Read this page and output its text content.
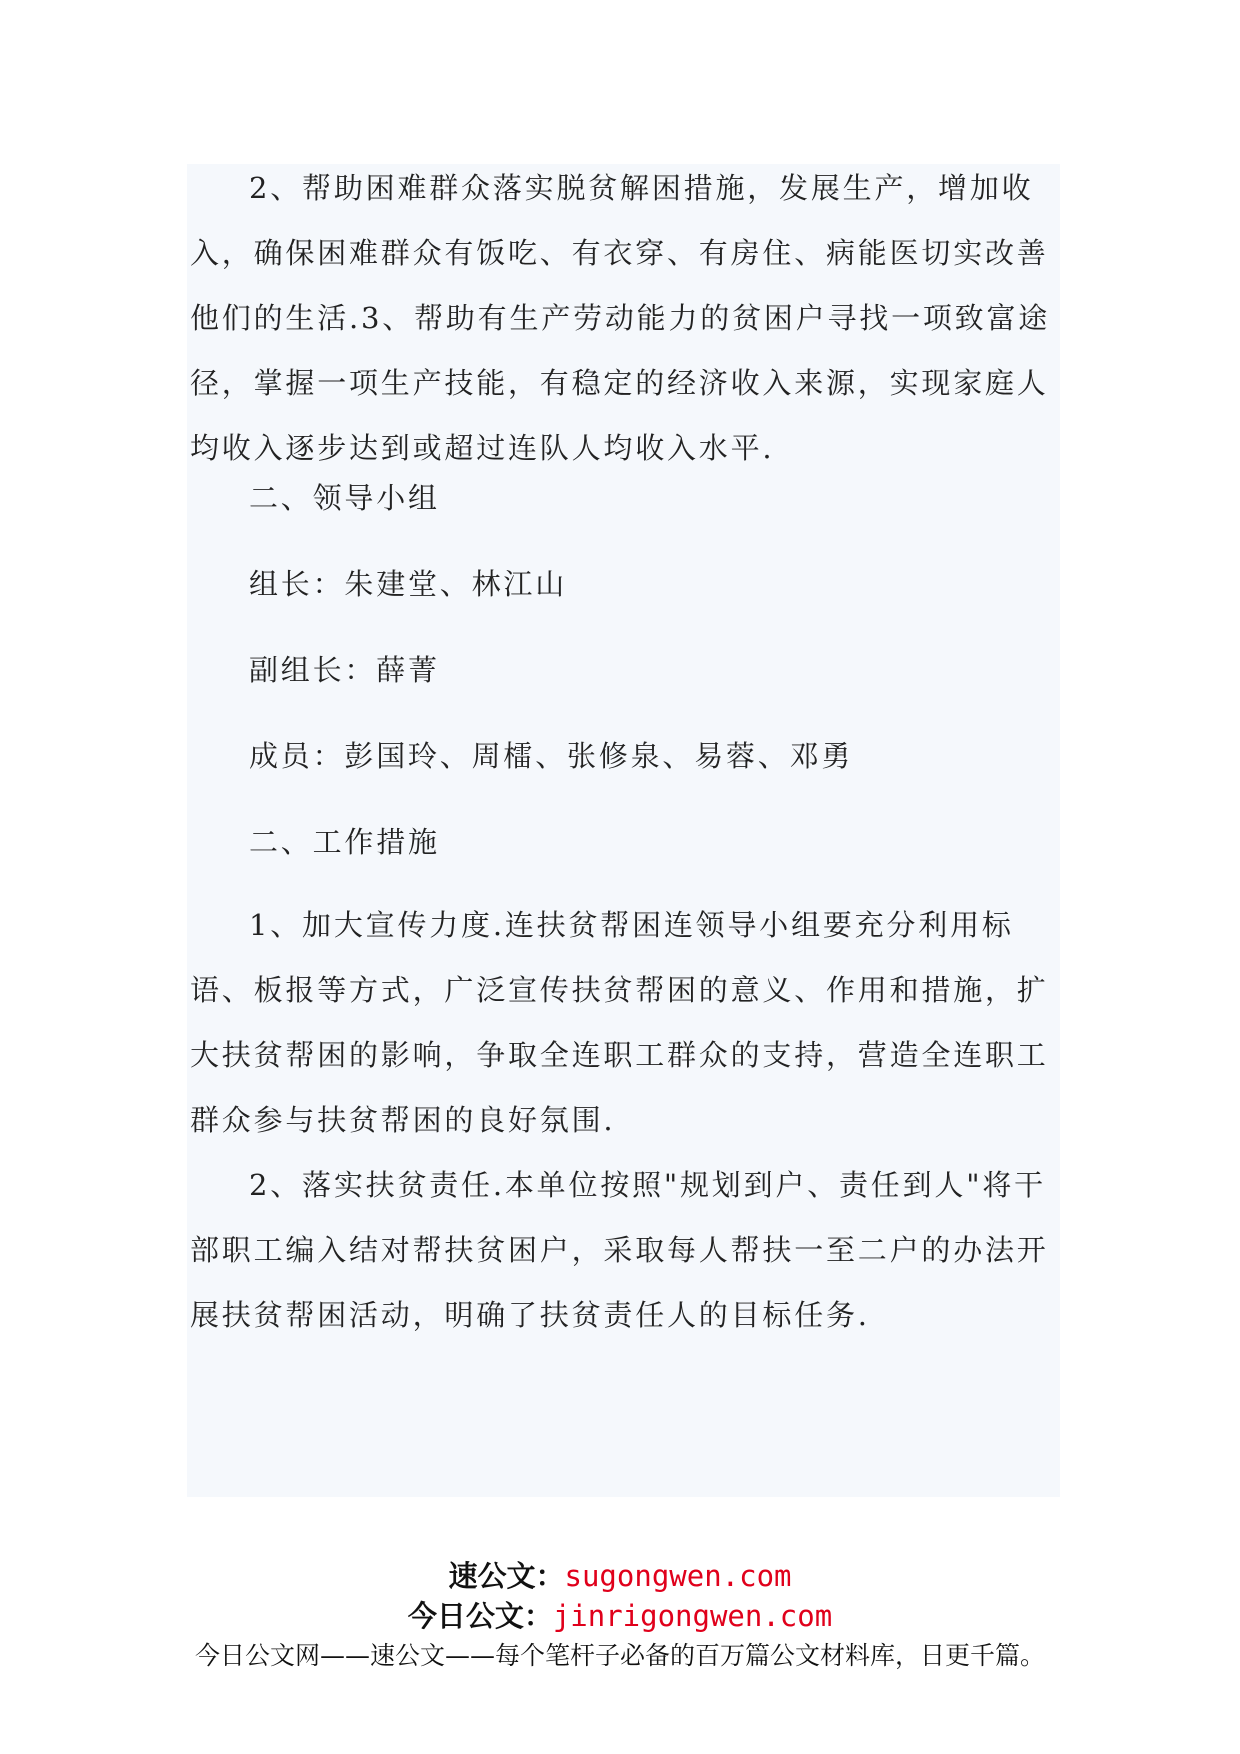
2、帮助困难群众落实脱贫解困措施，发展生产，增加收入，确保困难群众有饭吃、有衣穿、有房住、病能医切实改善他们的生活.3、帮助有生产劳动能力的贫困户寻找一项致富途径，掌握一项生产技能，有稳定的经济收入来源，实现家庭人均收入逐步达到或超过连队人均收入水平.

二、领导小组

组长：朱建堂、林江山

副组长：薛菁

成员：彭国玲、周檑、张修泉、易蓉、邓勇

二、工作措施

1、加大宣传力度.连扶贫帮困连领导小组要充分利用标语、板报等方式，广泛宣传扶贫帮困的意义、作用和措施，扩大扶贫帮困的影响，争取全连职工群众的支持，营造全连职工群众参与扶贫帮困的良好氛围.

2、落实扶贫责任.本单位按照"规划到户、责任到人"将干部职工编入结对帮扶贫困户，采取每人帮扶一至二户的办法开展扶贫帮困活动，明确了扶贫责任人的目标任务.

速公文：sugongwen.com
今日公文：jinrigongwen.com
今日公文网——速公文——每个笔杆子必备的百万篇公文材料库，日更千篇。
